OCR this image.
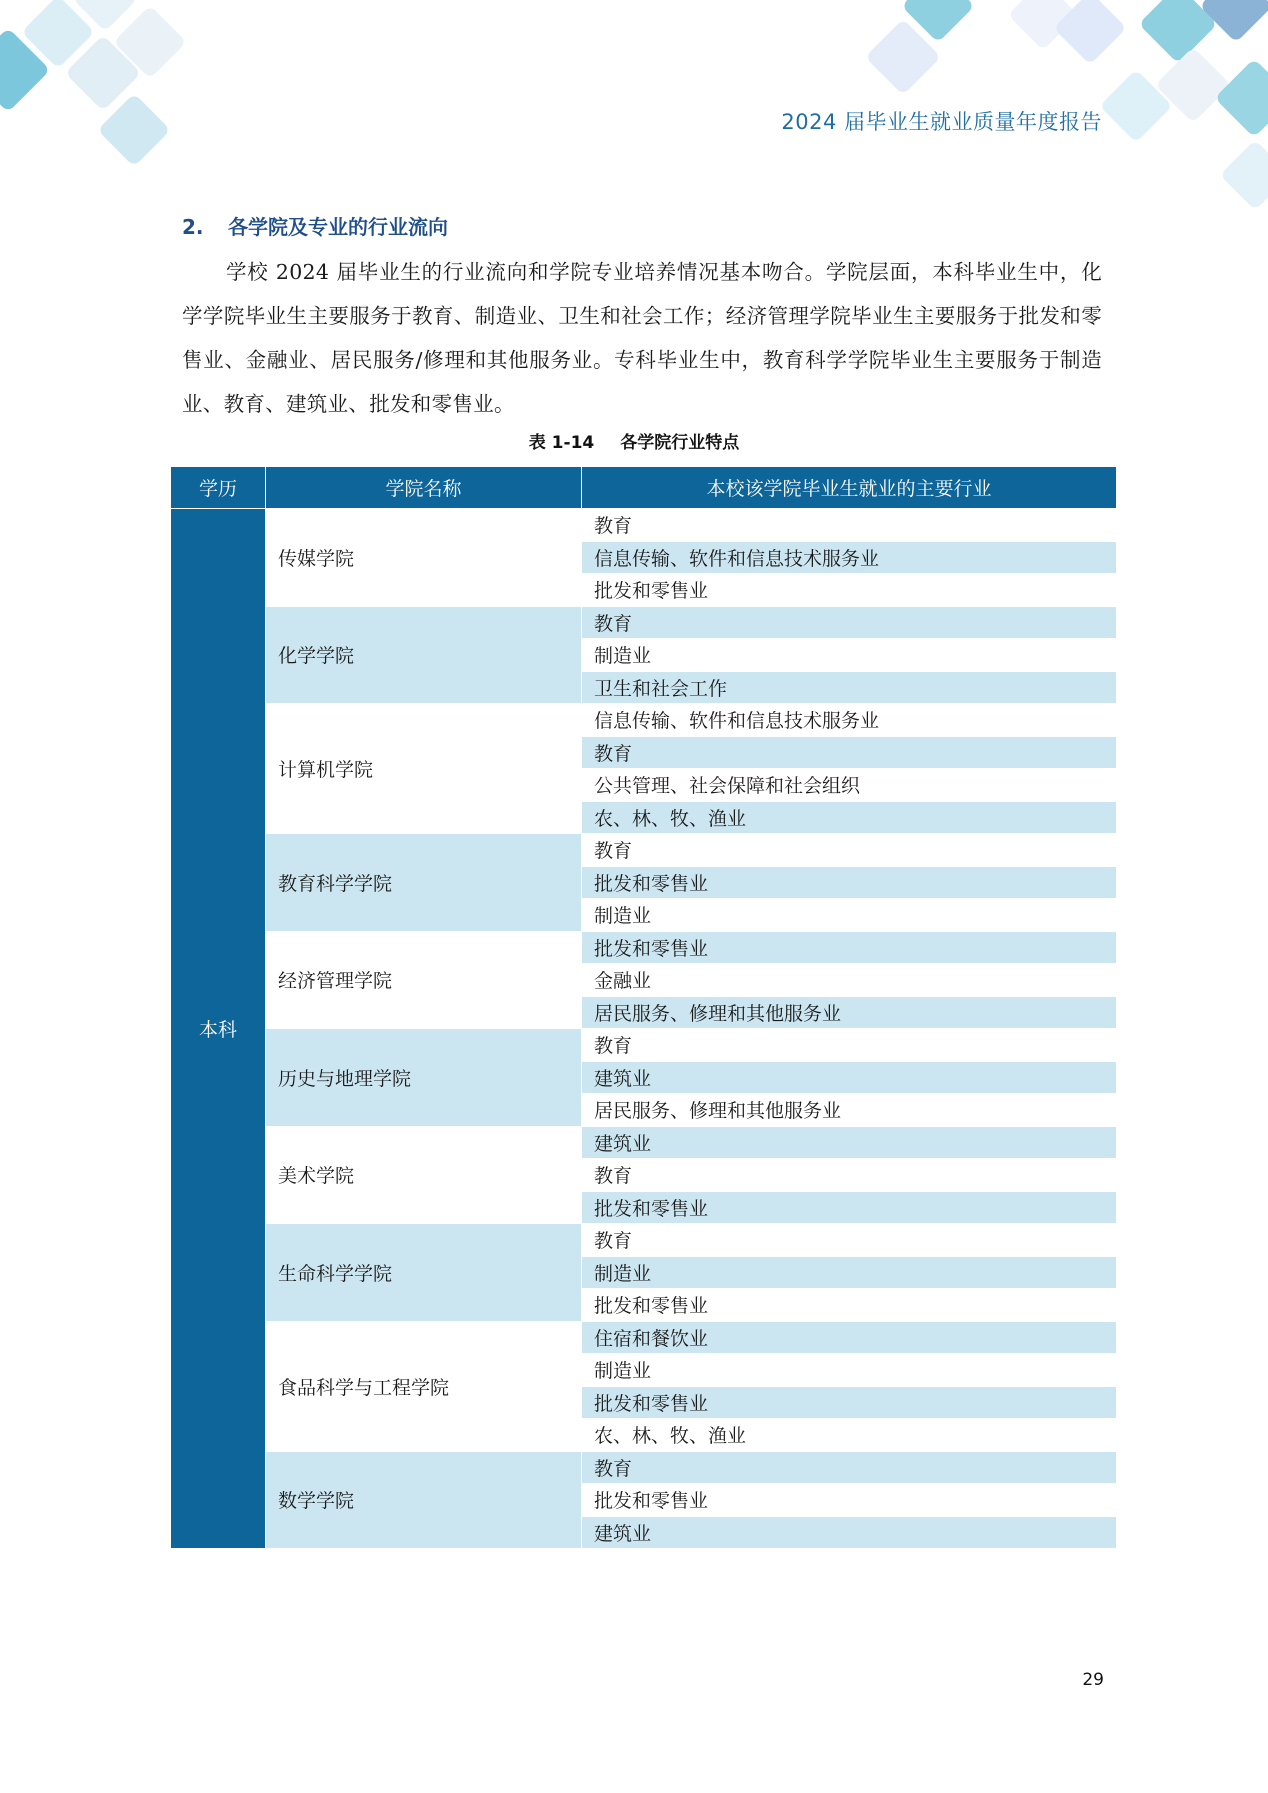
2024 届毕业生就业质量年度报告
2. 各学院及专业的行业流向

学校 2024 届毕业生的行业流向和学院专业培养情况基本吻合。学院层面，本科毕业生中，化学学院毕业生主要服务于教育、制造业、卫生和社会工作；经济管理学院毕业生主要服务于批发和零售业、金融业、居民服务/修理和其他服务业。专科毕业生中，教育科学学院毕业生主要服务于制造业、教育、建筑业、批发和零售业。

表 1-14 各学院行业特点
学历	学院名称	本校该学院毕业生就业的主要行业
本科	传媒学院	教育
		信息传输、软件和信息技术服务业
		批发和零售业
	化学学院	教育
		制造业
		卫生和社会工作
	计算机学院	信息传输、软件和信息技术服务业
		教育
		公共管理、社会保障和社会组织
		农、林、牧、渔业
	教育科学学院	教育
		批发和零售业
		制造业
	经济管理学院	批发和零售业
		金融业
		居民服务、修理和其他服务业
	历史与地理学院	教育
		建筑业
		居民服务、修理和其他服务业
	美术学院	建筑业
		教育
		批发和零售业
	生命科学学院	教育
		制造业
		批发和零售业
	食品科学与工程学院	住宿和餐饮业
		制造业
		批发和零售业
		农、林、牧、渔业
	数学学院	教育
		批发和零售业
		建筑业
29
